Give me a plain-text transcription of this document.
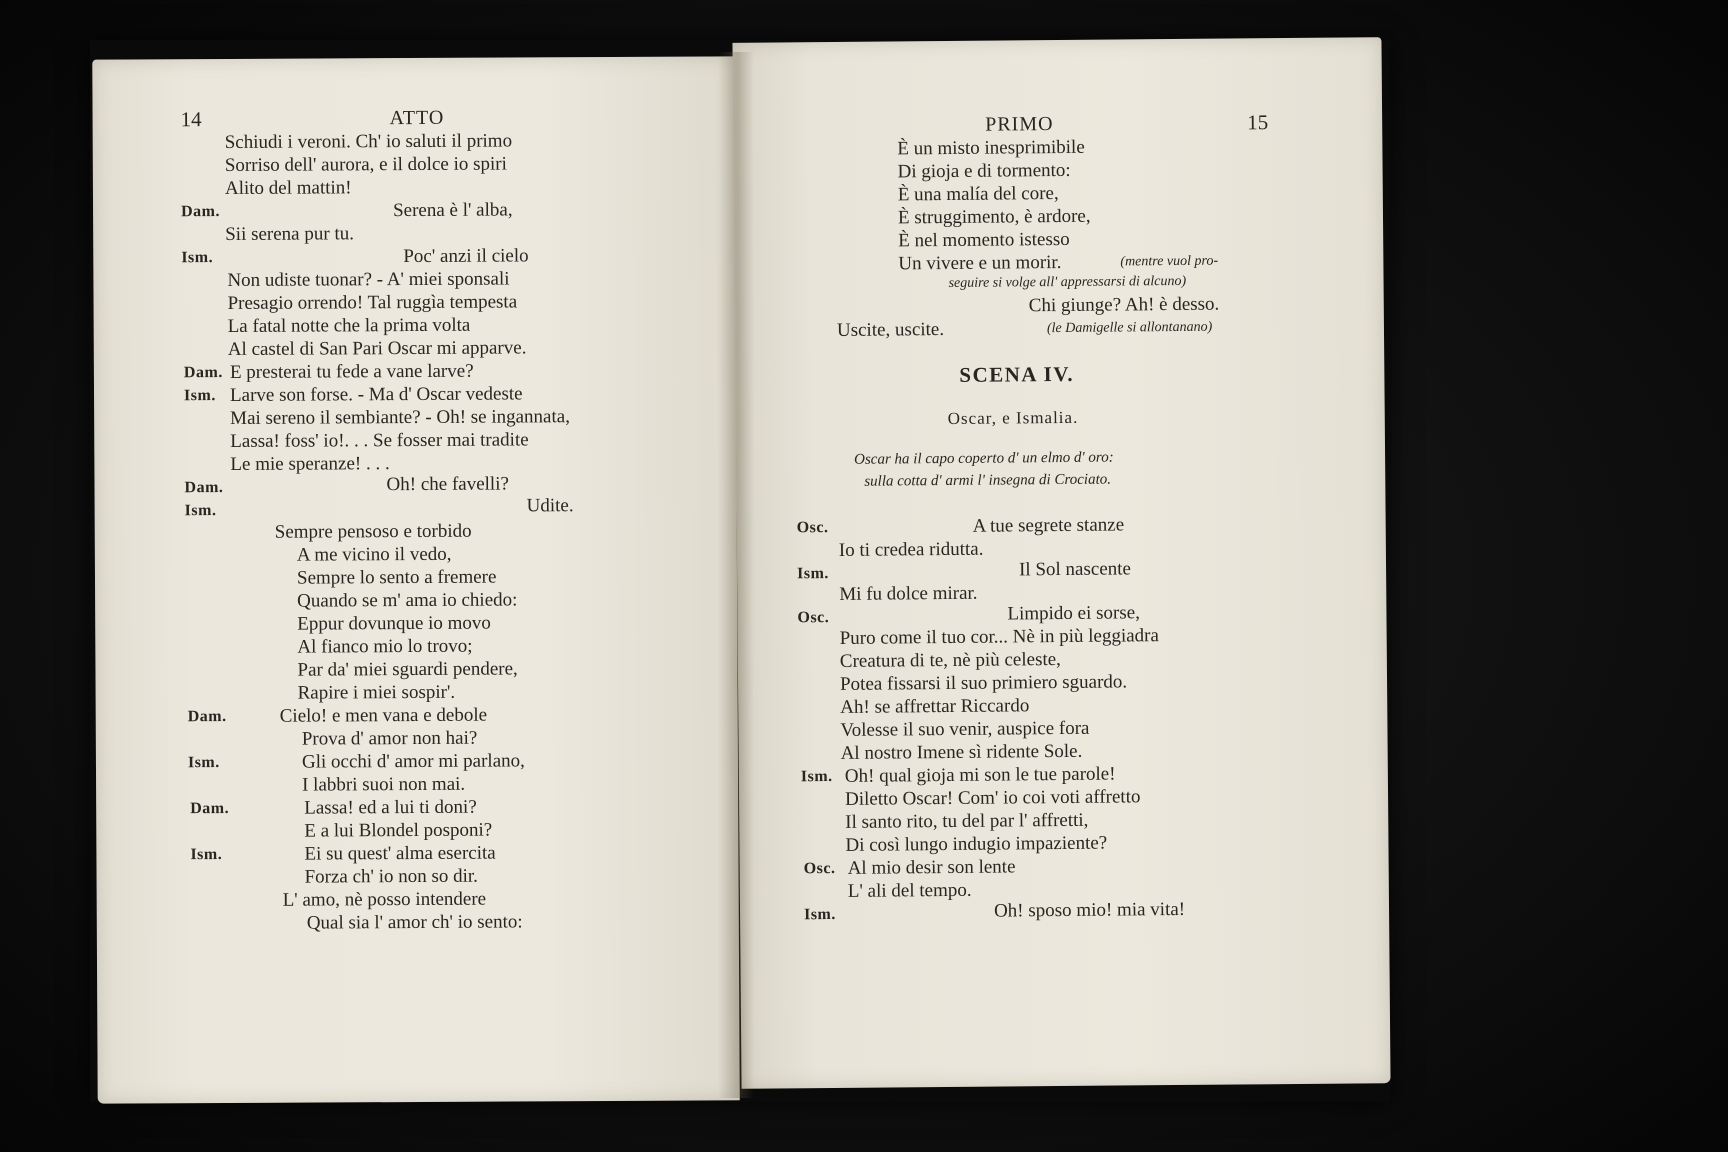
14	ATTO
Schiudi i veroni. Ch' io saluti il primo
Sorriso dell' aurora, e il dolce io spiri
Alito del mattin!
Dam.	Serena è l' alba,
Sii serena pur tu.
Ism.	Poc' anzi il cielo
Non udiste tuonar? - A' miei sponsali
Presagio orrendo! Tal ruggìa tempesta
La fatal notte che la prima volta
Al castel di San Pari Oscar mi apparve.
Dam. E presterai tu fede a vane larve?
Ism. Larve son forse. - Ma d' Oscar vedeste
Mai sereno il sembiante? - Oh! se ingannata,
Lassa! foss' io!. . . Se fosser mai tradite
Le mie speranze! . . .
Dam.	Oh! che favelli?
Ism.	Udite.
Sempre pensoso e torbido
A me vicino il vedo,
Sempre lo sento a fremere
Quando se m' ama io chiedo:
Eppur dovunque io movo
Al fianco mio lo trovo;
Par da' miei sguardi pendere,
Rapire i miei sospir'.
Dam.	Cielo! e men vana e debole
Prova d' amor non hai?
Ism.	Gli occhi d' amor mi parlano,
I labbri suoi non mai.
Dam.	Lassa! ed a lui ti doni?
E a lui Blondel posponi?
Ism.	Ei su quest' alma esercita
Forza ch' io non so dir.
L' amo, nè posso intendere
Qual sia l' amor ch' io sento:
PRIMO	15
È un misto inesprimibile
Di gioja e di tormento:
È una malía del core,
È struggimento, è ardore,
È nel momento istesso
Un vivere e un morir.	(mentre vuol pro-
seguire si volge all' appressarsi di alcuno)
Chi giunge? Ah! è desso.
Uscite, uscite.	(le Damigelle si allontanano)
SCENA IV.
Oscar, e Ismalia.
Oscar ha il capo coperto d' un elmo d' oro:
sulla cotta d' armi l' insegna di Crociato.
Osc.	A tue segrete stanze
Io ti credea ridutta.
Ism.	Il Sol nascente
Mi fu dolce mirar.
Osc.	Limpido ei sorse,
Puro come il tuo cor... Nè in più leggiadra
Creatura di te, nè più celeste,
Potea fissarsi il suo primiero sguardo.
Ah! se affrettar Riccardo
Volesse il suo venir, auspice fora
Al nostro Imene sì ridente Sole.
Ism. Oh! qual gioja mi son le tue parole!
Diletto Oscar! Com' io coi voti affretto
Il santo rito, tu del par l' affretti,
Di così lungo indugio impaziente?
Osc. Al mio desir son lente
L' ali del tempo.
Ism.	Oh! sposo mio! mia vita!
